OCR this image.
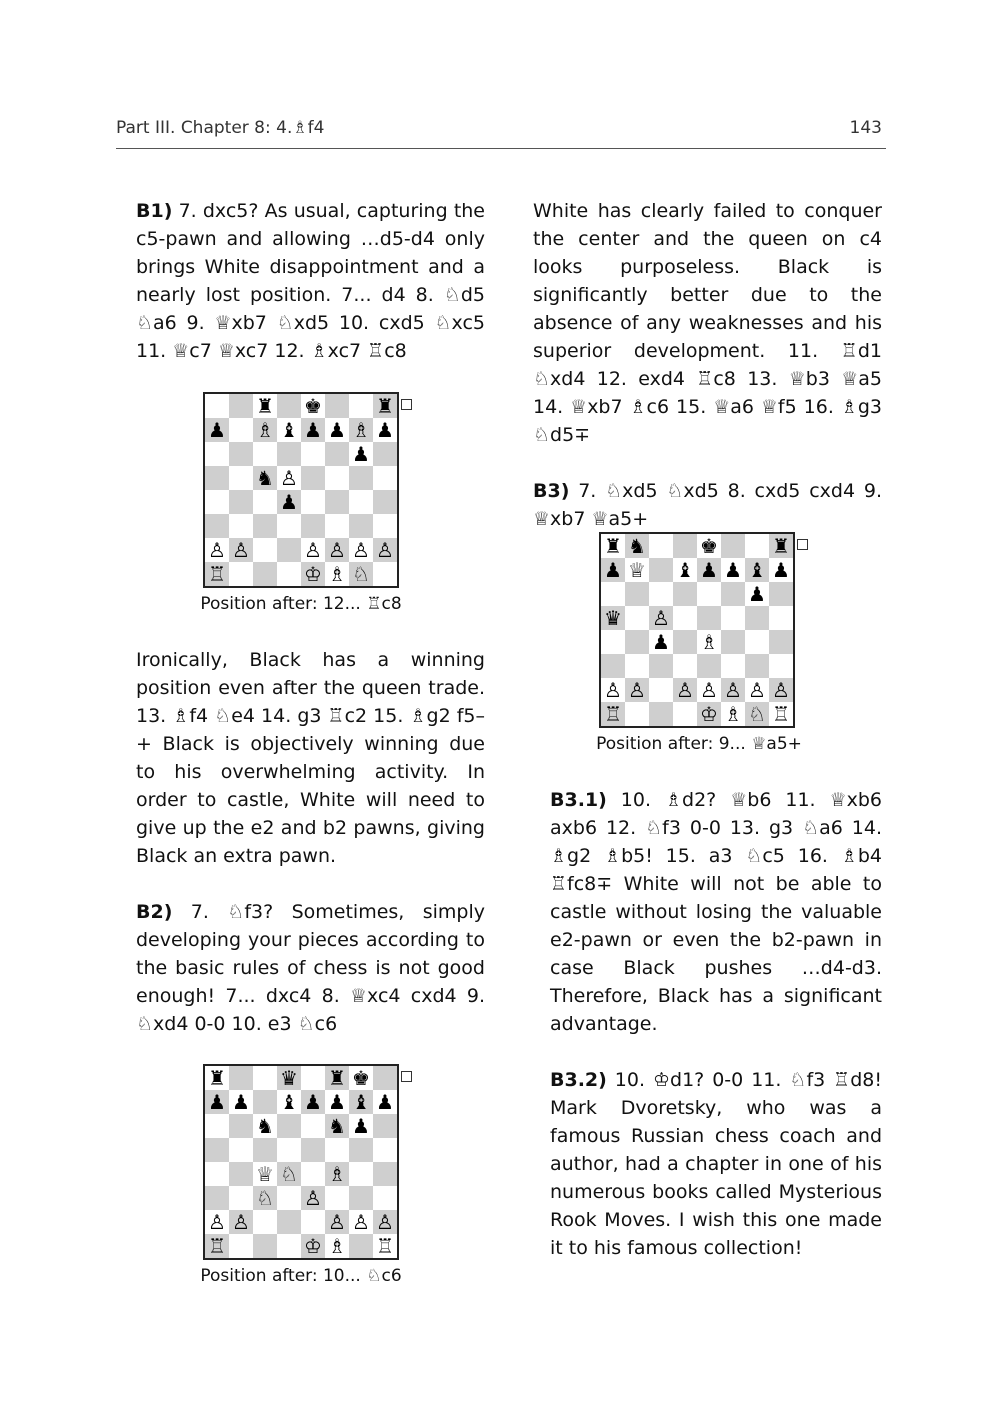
Part III. Chapter 8: 4.♗f4	143

B1) 7. dxc5? As usual, capturing the c5-pawn and allowing …d5-d4 only brings White disappointment and a nearly lost position. 7... d4 8. ♘d5 ♘a6 9. ♕xb7 ♘xd5 10. cxd5 ♘xc5 11. ♕c7 ♕xc7 12. ♗xc7 ♖c8

♜ ♚	♜
♟ ♗ ♝ ♟ ♟ ♗ ♟
♟
♞ ♙
♟
♙ ♙	♙ ♙ ♙ ♙
♖	♔ ♗ ♘
Position after: 12... ♖c8

Ironically, Black has a winning position even after the queen trade. 13. ♗f4 ♘e4 14. g3 ♖c2 15. ♗g2 f5–+ Black is objectively winning due to his overwhelming activity. In order to castle, White will need to give up the e2 and b2 pawns, giving Black an extra pawn.

B2) 7. ♘f3? Sometimes, simply developing your pieces according to the basic rules of chess is not good enough! 7... dxc4 8. ♕xc4 cxd4 9. ♘xd4 0-0 10. e3 ♘c6

♜	♛ ♜ ♚
♟ ♟ ♝ ♟ ♟ ♝ ♟
♞	♞ ♟
♕ ♘ ♗
♘ ♙
♙ ♙	♙ ♙ ♙
♖	♔ ♗ ♖
Position after: 10... ♘c6

White has clearly failed to conquer the center and the queen on c4 looks purposeless. Black is significantly better due to the absence of any weaknesses and his superior development. 11. ♖d1 ♘xd4 12. exd4 ♖c8 13. ♕b3 ♕a5 14. ♕xb7 ♗c6 15. ♕a6 ♕f5 16. ♗g3 ♘d5∓

B3) 7. ♘xd5 ♘xd5 8. cxd5 cxd4 9. ♕xb7 ♕a5+

♜ ♞	♚	♜
♟ ♕ ♝ ♟ ♟ ♝ ♟
♟
♛ ♙
♟ ♗
♙ ♙ ♙ ♙ ♙ ♙ ♙
♖	♔ ♗ ♘ ♖
Position after: 9... ♕a5+

B3.1) 10. ♗d2? ♕b6 11. ♕xb6 axb6 12. ♘f3 0-0 13. g3 ♘a6 14. ♗g2 ♗b5! 15. a3 ♘c5 16. ♗b4 ♖fc8∓ White will not be able to castle without losing the valuable e2-pawn or even the b2-pawn in case Black pushes …d4-d3. Therefore, Black has a significant advantage.

B3.2) 10. ♔d1? 0-0 11. ♘f3 ♖d8! Mark Dvoretsky, who was a famous Russian chess coach and author, had a chapter in one of his numerous books called Mysterious Rook Moves. I wish this one made it to his famous collection!
